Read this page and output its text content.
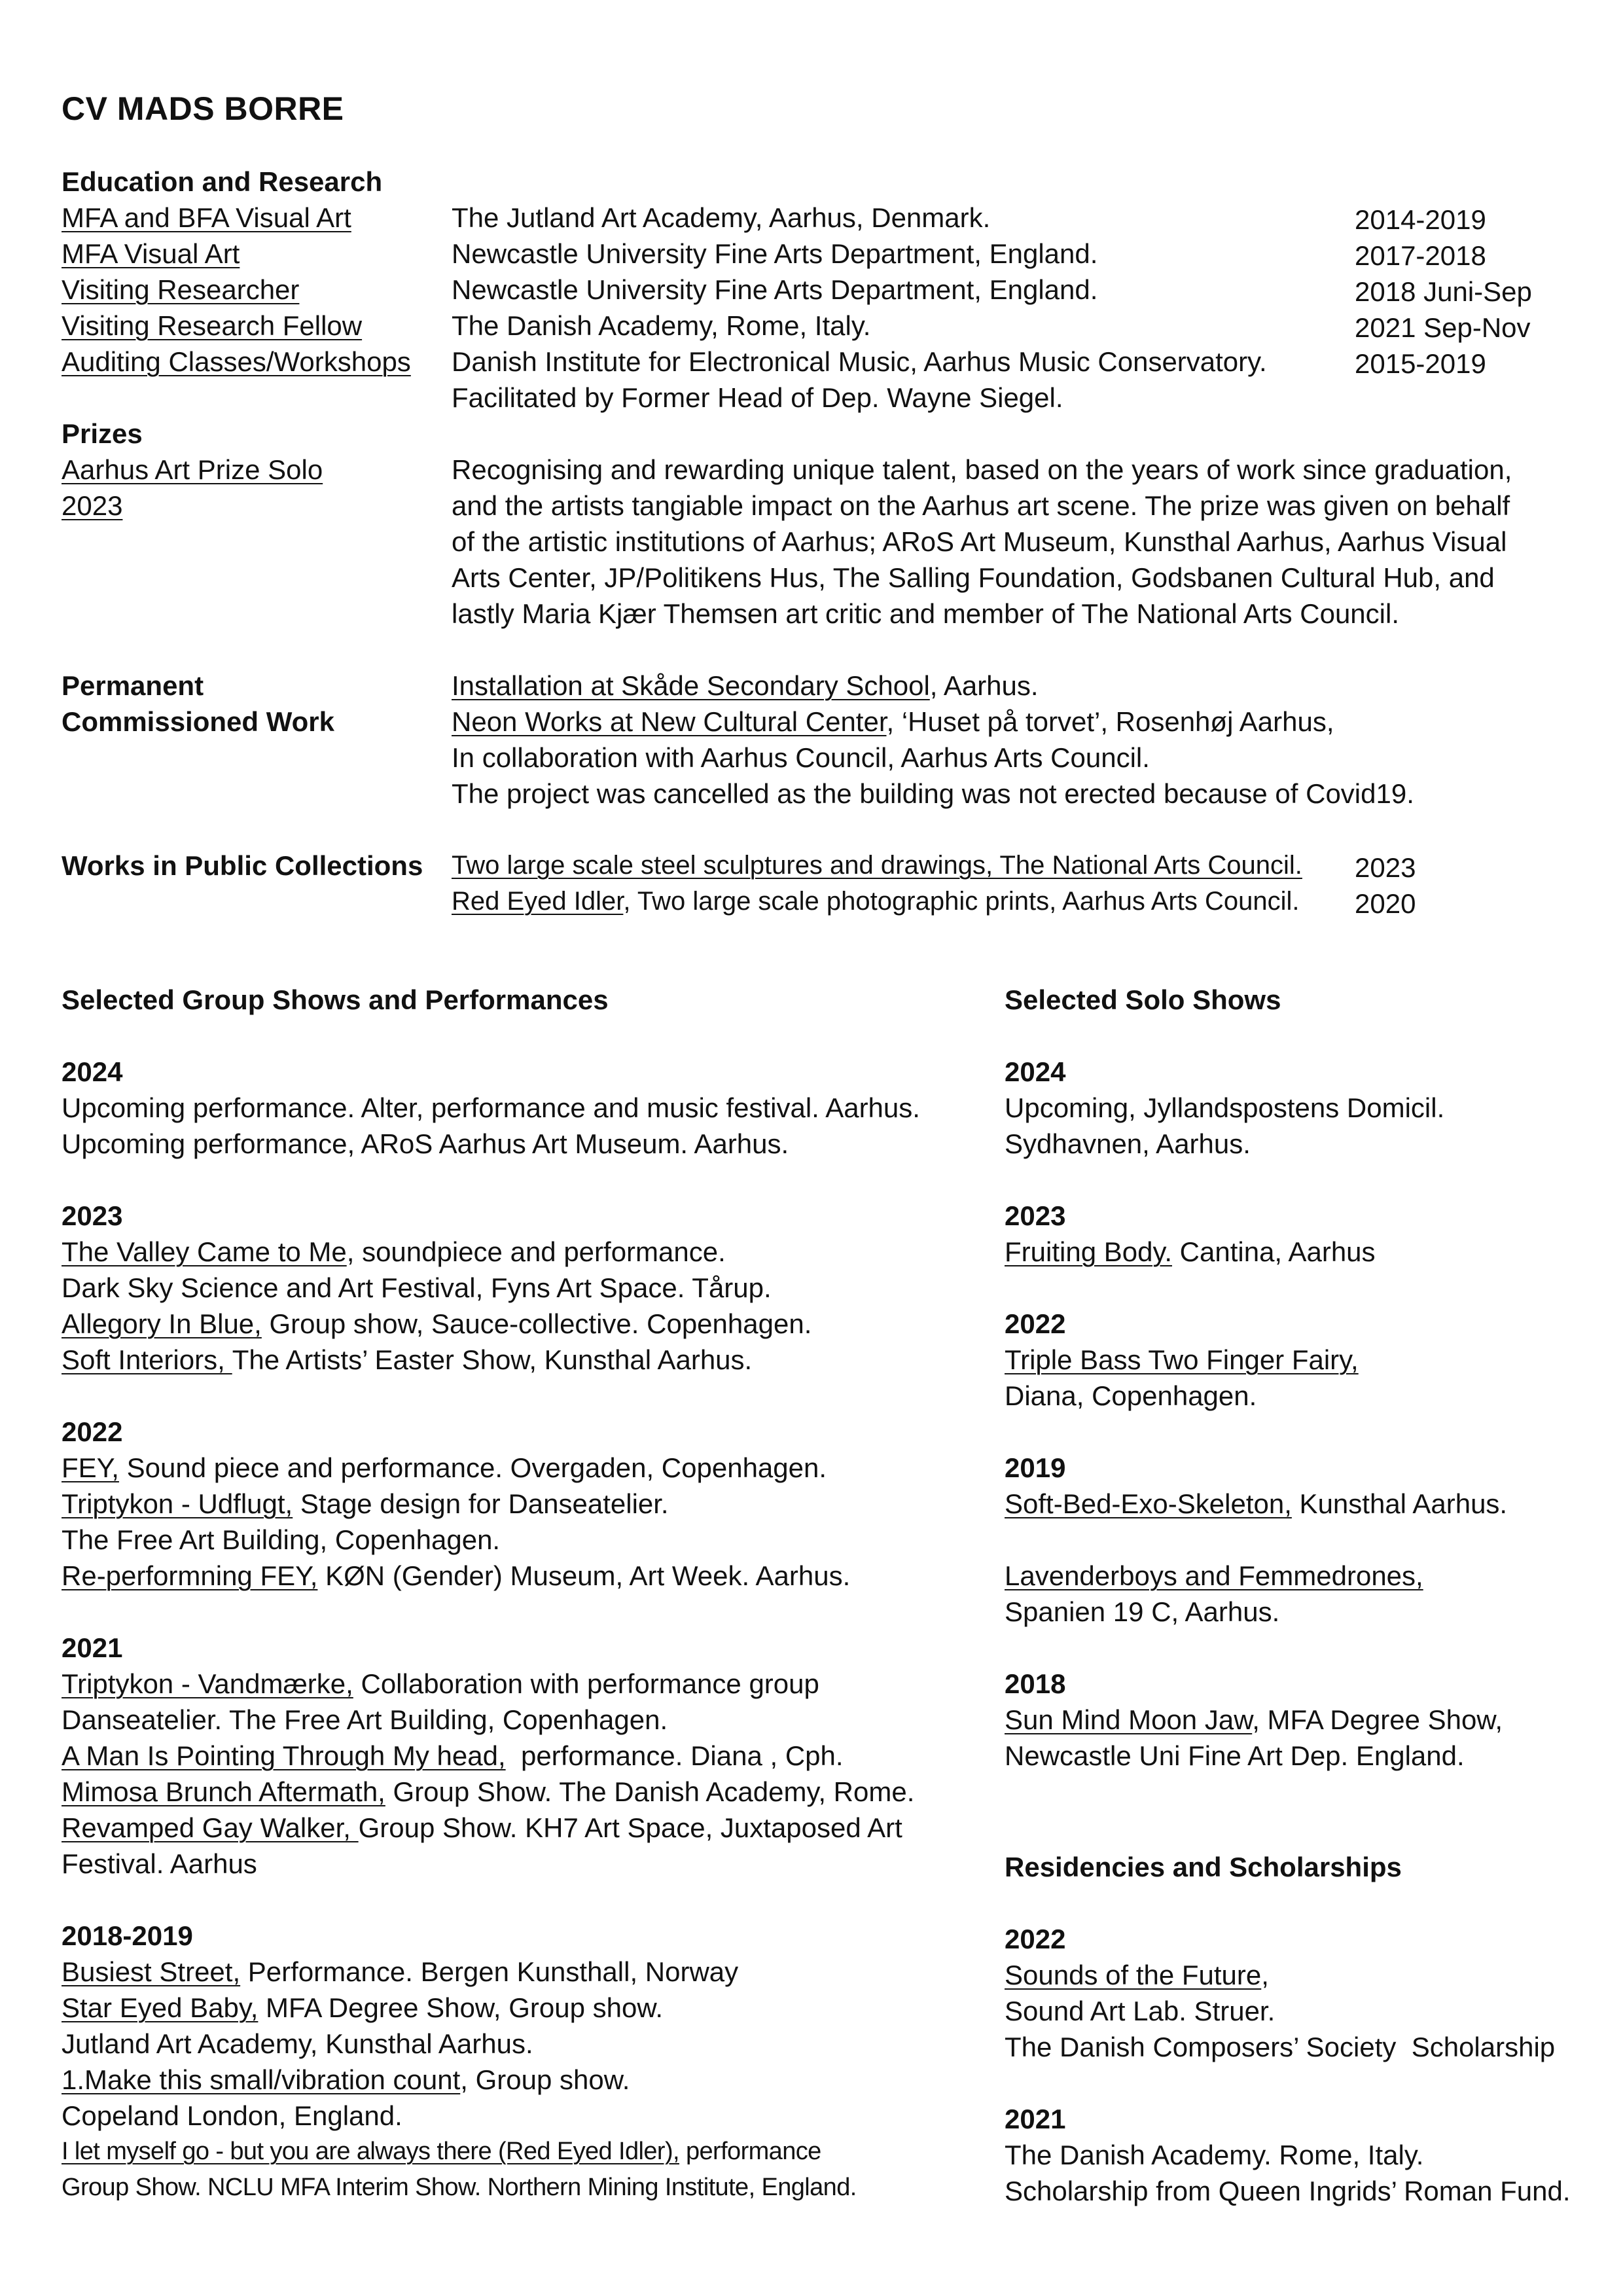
CV MADS BORRE
Education and Research
MFA and BFA Visual Art
MFA Visual Art
Visiting Researcher
Visiting Research Fellow
Auditing Classes/Workshops
The Jutland Art Academy, Aarhus, Denmark.
Newcastle University Fine Arts Department, England.
Newcastle University Fine Arts Department, England.
The Danish Academy, Rome, Italy.
Danish Institute for Electronical Music, Aarhus Music Conservatory.
Facilitated by Former Head of Dep. Wayne Siegel.
2014-2019
2017-2018
2018 Juni-Sep
2021 Sep-Nov
2015-2019
Prizes
Aarhus Art Prize Solo
2023
Recognising and rewarding unique talent, based on the years of work since graduation,
and the artists tangiable impact on the Aarhus art scene. The prize was given on behalf
of the artistic institutions of Aarhus; ARoS Art Museum, Kunsthal Aarhus, Aarhus Visual
Arts Center, JP/Politikens Hus, The Salling Foundation, Godsbanen Cultural Hub, and
lastly Maria Kjær Themsen art critic and member of The National Arts Council.
Permanent
Commissioned Work
Installation at Skåde Secondary School, Aarhus.
Neon Works at New Cultural Center, ‘Huset på torvet’, Rosenhøj Aarhus,
In collaboration with Aarhus Council, Aarhus Arts Council.
The project was cancelled as the building was not erected because of Covid19.
Works in Public Collections Two large scale steel sculptures and drawings, The National Arts Council.
Red Eyed Idler, Two large scale photographic prints, Aarhus Arts Council.
2023
2020
Selected Group Shows and Performances
2024
Upcoming performance. Alter, performance and music festival. Aarhus.
Upcoming performance, ARoS Aarhus Art Museum. Aarhus.
2023
The Valley Came to Me, soundpiece and performance.
Dark Sky Science and Art Festival, Fyns Art Space. Tårup.
Allegory In Blue, Group show, Sauce-collective. Copenhagen.
Soft Interiors, The Artists’ Easter Show, Kunsthal Aarhus.
2022
FEY, Sound piece and performance. Overgaden, Copenhagen.
Triptykon - Udflugt, Stage design for Danseatelier.
The Free Art Building, Copenhagen.
Re-performning FEY, KØN (Gender) Museum, Art Week. Aarhus.
2021
Triptykon - Vandmærke, Collaboration with performance group
Danseatelier. The Free Art Building, Copenhagen.
A Man Is Pointing Through My head,  performance. Diana , Cph.
Mimosa Brunch Aftermath, Group Show. The Danish Academy, Rome.
Revamped Gay Walker, Group Show. KH7 Art Space, Juxtaposed Art
Festival. Aarhus
2018-2019
Busiest Street, Performance. Bergen Kunsthall, Norway
Star Eyed Baby, MFA Degree Show, Group show.
Jutland Art Academy, Kunsthal Aarhus.
1.Make this small/vibration count, Group show.
Copeland London, England.
I let myself go - but you are always there (Red Eyed Idler), performance
Group Show. NCLU MFA Interim Show. Northern Mining Institute, England.
Selected Solo Shows
2024
Upcoming, Jyllandspostens Domicil.
Sydhavnen, Aarhus.
2023
Fruiting Body. Cantina, Aarhus
2022
Triple Bass Two Finger Fairy,
Diana, Copenhagen.
2019
Soft-Bed-Exo-Skeleton, Kunsthal Aarhus.
Lavenderboys and Femmedrones,
Spanien 19 C, Aarhus.
2018
Sun Mind Moon Jaw, MFA Degree Show,
Newcastle Uni Fine Art Dep. England.
Residencies and Scholarships
2022
Sounds of the Future,
Sound Art Lab. Struer.
The Danish Composers’ Society  Scholarship
2021
The Danish Academy. Rome, Italy.
Scholarship from Queen Ingrids’ Roman Fund.
